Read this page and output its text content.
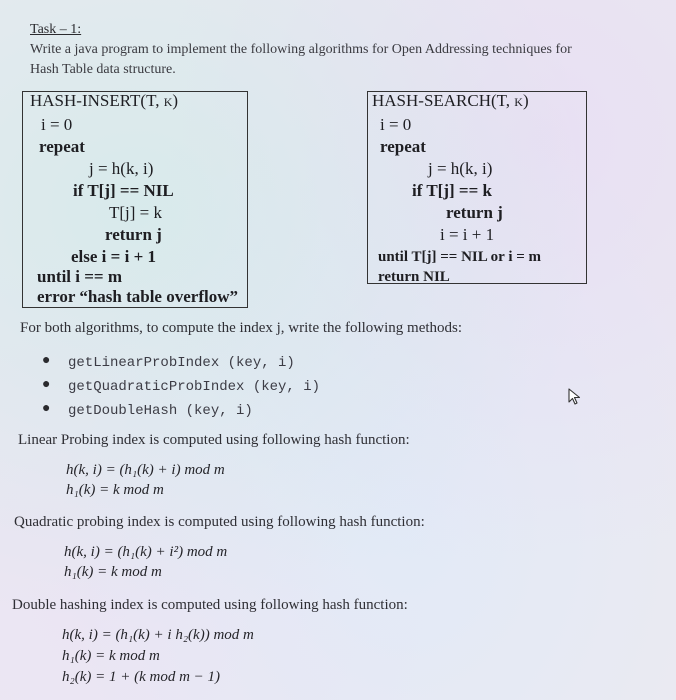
Task – 1:
Write a java program to implement the following algorithms for Open Addressing techniques for
Hash Table data structure.
HASH-INSERT(T, k)
i = 0
repeat
j = h(k, i)
if T[j] == NIL
T[j] = k
return j
else i = i + 1
until i == m
error “hash table overflow”
HASH-SEARCH(T, k)
i = 0
repeat
j = h(k, i)
if T[j] == k
return j
i = i + 1
until T[j] == NIL or i = m
return NIL
For both algorithms, to compute the index j, write the following methods:
● getLinearProbIndex (key, i)
● getQuadraticProbIndex (key, i)
● getDoubleHash (key, i)
Linear Probing index is computed using following hash function:
h(k, i) = (h₁(k) + i) mod m
h₁(k) = k mod m
Quadratic probing index is computed using following hash function:
h(k, i) = (h₁(k) + i²) mod m
h₁(k) = k mod m
Double hashing index is computed using following hash function:
h(k, i) = (h₁(k) + i h₂(k)) mod m
h₁(k) = k mod m
h₂(k) = 1 + (k mod m − 1)
